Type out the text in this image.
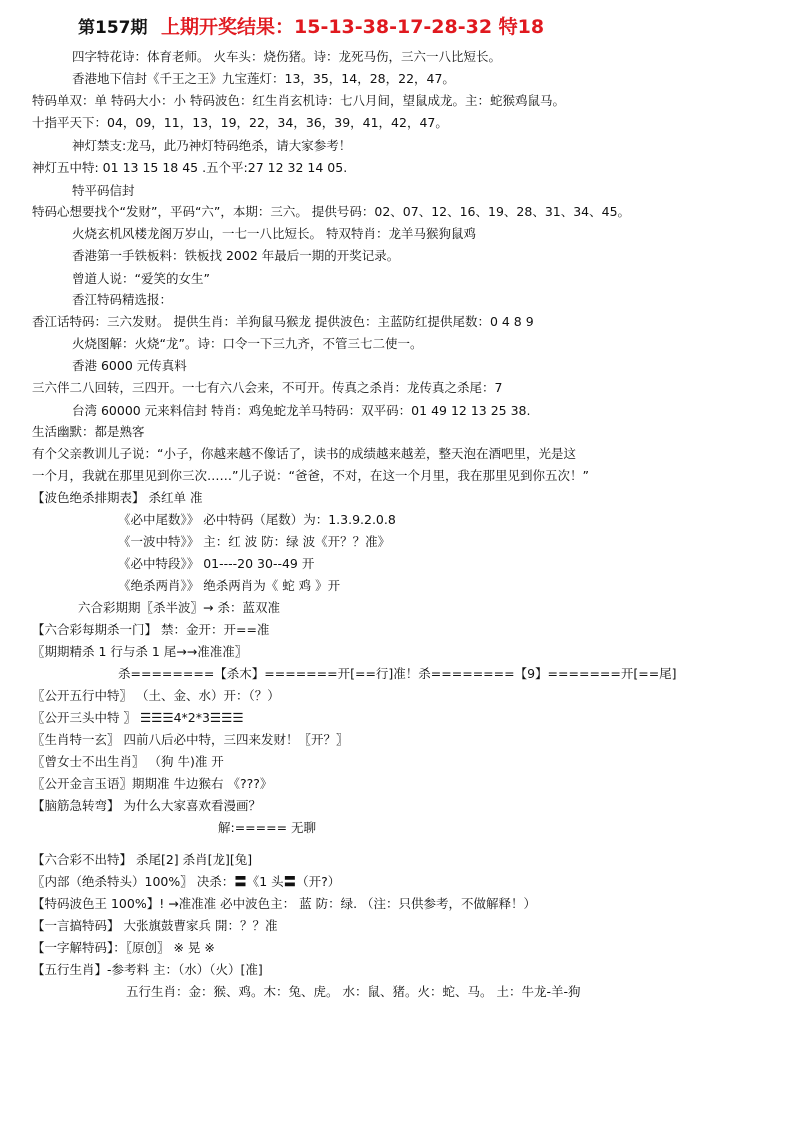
第157期 上期开奖结果：15-13-38-17-28-32 特18
四字特花诗：体育老师。 火车头：烧伤猪。诗：龙死马伤，三六一八比短长。
香港地下信封《千王之王》九宝莲灯：13，35，14，28，22，47。
特码单双：单 特码大小：小 特码波色：红生肖玄机诗：七八月间，望鼠成龙。主：蛇猴鸡鼠马。
十指平天下：04，09，11，13，19，22，34，36，39，41，42，47。
神灯禁支:龙马，此乃神灯特码绝杀，请大家参考！
神灯五中特: 01 13 15 18 45 .五个平:27 12 32 14 05.
特平码信封
特码心想要找个“发财”，平码“六”，本期：三六。 提供号码：02、07、12、16、19、28、31、34、45。
火烧玄机风楼龙阁万岁山，一七一八比短长。 特双特肖：龙羊马猴狗鼠鸡
香港第一手铁板料：铁板找 2002 年最后一期的开奖记录。
曾道人说：“爱笑的女生”
香江特码精选报：
香江话特码：三六发财。 提供生肖：羊狗鼠马猴龙 提供波色：主蓝防红提供尾数：0 4 8 9
火烧图解：火烧“龙”。诗：口令一下三九齐，不管三七二使一。
香港 6000 元传真料
三六伴二八回转，三四开。一七有六八会来，不可开。传真之杀肖：龙传真之杀尾：7
台湾 60000 元来料信封 特肖：鸡兔蛇龙羊马特码：双平码：01 49 12 13 25 38.
生活幽默：都是熟客
有个父亲教训儿子说：“小子，你越来越不像话了，读书的成绩越来越差，整天泡在酒吧里，光是这
一个月，我就在那里见到你三次……”儿子说：“爸爸，不对，在这一个月里，我在那里见到你五次！”
【波色绝杀排期表】 杀红单 准
《必中尾数》》 必中特码（尾数）为：1.3.9.2.0.8
《一波中特》》 主：红 波 防：绿 波《开？？准》
《必中特段》》 01----20 30--49 开
《绝杀两肖》》 绝杀两肖为《 蛇 鸡 》开
六合彩期期〖杀半波〗→ 杀：蓝双准
【六合彩每期杀一门】 禁：金开：开==准
〖期期精杀 1 行与杀 1 尾→→准准准〗
杀========【杀木】=======开[==行]准！杀========【9】=======开[==尾]
〖公开五行中特〗 （土、金、水）开：（？）
〖公开三头中特 〗 ☰☰☰4*2*3☰☰☰
〖生肖特一玄〗 四前八后必中特，三四来发财！〖开？〗
〖曾女士不出生肖〗 （狗 牛)准 开
〖公开金言玉语〗期期准 牛边猴右 《???》
【脑筋急转弯】 为什么大家喜欢看漫画？
解:===== 无聊
【六合彩不出特】 杀尾[2] 杀肖[龙][兔]
〖内部（绝杀特头）100%〗 决杀：〓《1 头〓（开?）
【特码波色王 100%】! →准准准 必中波色主： 蓝 防：绿. （注：只供参考，不做解释！）
【一言搞特码】 大张旗鼓曹家兵 開：？？准
【一字解特码】：〖原创〗 ※ 晃 ※
【五行生肖】-参考料 主：（水）（火）[准]
五行生肖：金：猴、鸡。木：兔、虎。 水：鼠、猪。火：蛇、马。 土：牛龙-羊-狗
